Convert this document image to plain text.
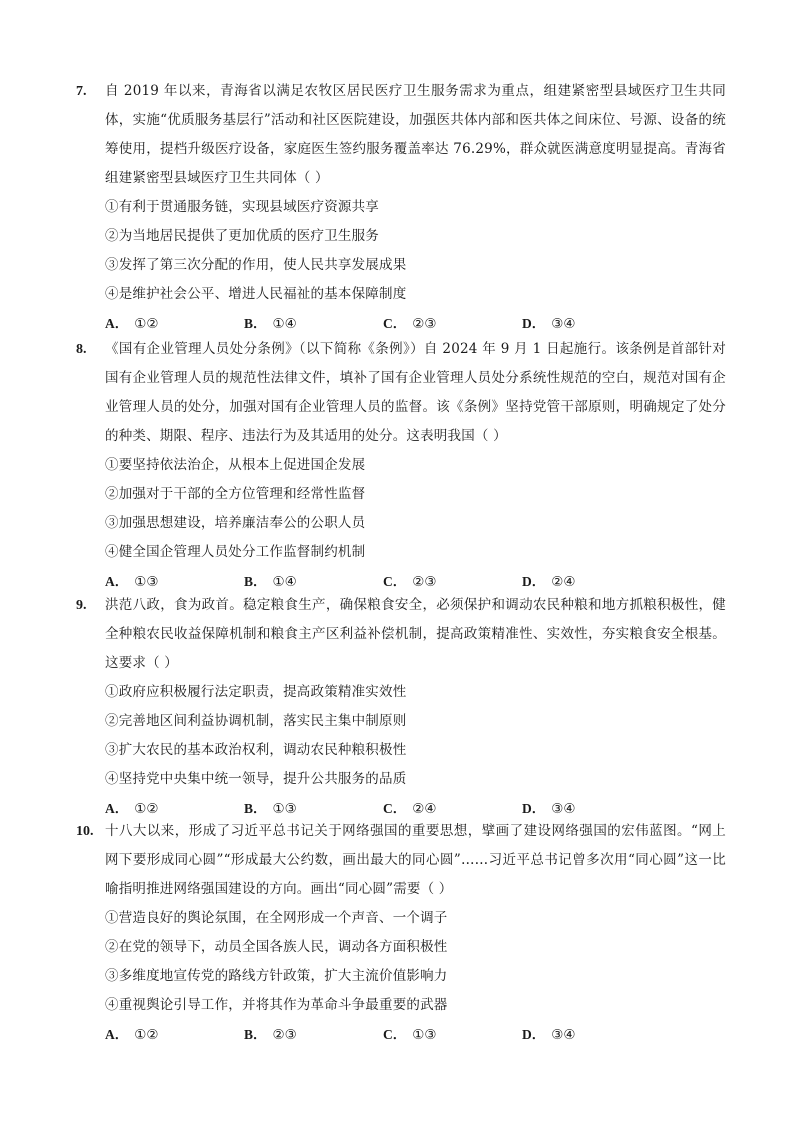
7. 自 2019 年以来，青海省以满足农牧区居民医疗卫生服务需求为重点，组建紧密型县域医疗卫生共同体，实施“优质服务基层行”活动和社区医院建设，加强医共体内部和医共体之间床位、号源、设备的统筹使用，提档升级医疗设备，家庭医生签约服务覆盖率达 76.29%，群众就医满意度明显提高。青海省组建紧密型县域医疗卫生共同体（ ）

①有利于贯通服务链，实现县域医疗资源共享
②为当地居民提供了更加优质的医疗卫生服务
③发挥了第三次分配的作用，使人民共享发展成果
④是维护社会公平、增进人民福祉的基本保障制度
A． ①②	B． ①④	C． ②③	D． ③④
8. 《国有企业管理人员处分条例》（以下简称《条例》）自 2024 年 9 月 1 日起施行。该条例是首部针对国有企业管理人员的规范性法律文件，填补了国有企业管理人员处分系统性规范的空白，规范对国有企业管理人员的处分，加强对国有企业管理人员的监督。该《条例》坚持党管干部原则，明确规定了处分的种类、期限、程序、违法行为及其适用的处分。这表明我国（ ）

①要坚持依法治企，从根本上促进国企发展
②加强对于干部的全方位管理和经常性监督
③加强思想建设，培养廉洁奉公的公职人员
④健全国企管理人员处分工作监督制约机制
A． ①③	B． ①④	C． ②③	D． ②④
9. 洪范八政，食为政首。稳定粮食生产，确保粮食安全，必须保护和调动农民种粮和地方抓粮积极性，健全种粮农民收益保障机制和粮食主产区利益补偿机制，提高政策精准性、实效性，夯实粮食安全根基。这要求（ ）

①政府应积极履行法定职责，提高政策精准实效性
②完善地区间利益协调机制，落实民主集中制原则
③扩大农民的基本政治权利，调动农民种粮积极性
④坚持党中央集中统一领导，提升公共服务的品质
A． ①②	B． ①③	C． ②④	D． ③④
10. 十八大以来，形成了习近平总书记关于网络强国的重要思想，擘画了建设网络强国的宏伟蓝图。“网上网下要形成同心圆”“形成最大公约数，画出最大的同心圆”……习近平总书记曾多次用“同心圆”这一比喻指明推进网络强国建设的方向。画出“同心圆”需要（ ）

①营造良好的舆论氛围，在全网形成一个声音、一个调子
②在党的领导下，动员全国各族人民，调动各方面积极性
③多维度地宣传党的路线方针政策，扩大主流价值影响力
④重视舆论引导工作，并将其作为革命斗争最重要的武器
A． ①②	B． ②③	C． ①③	D． ③④
